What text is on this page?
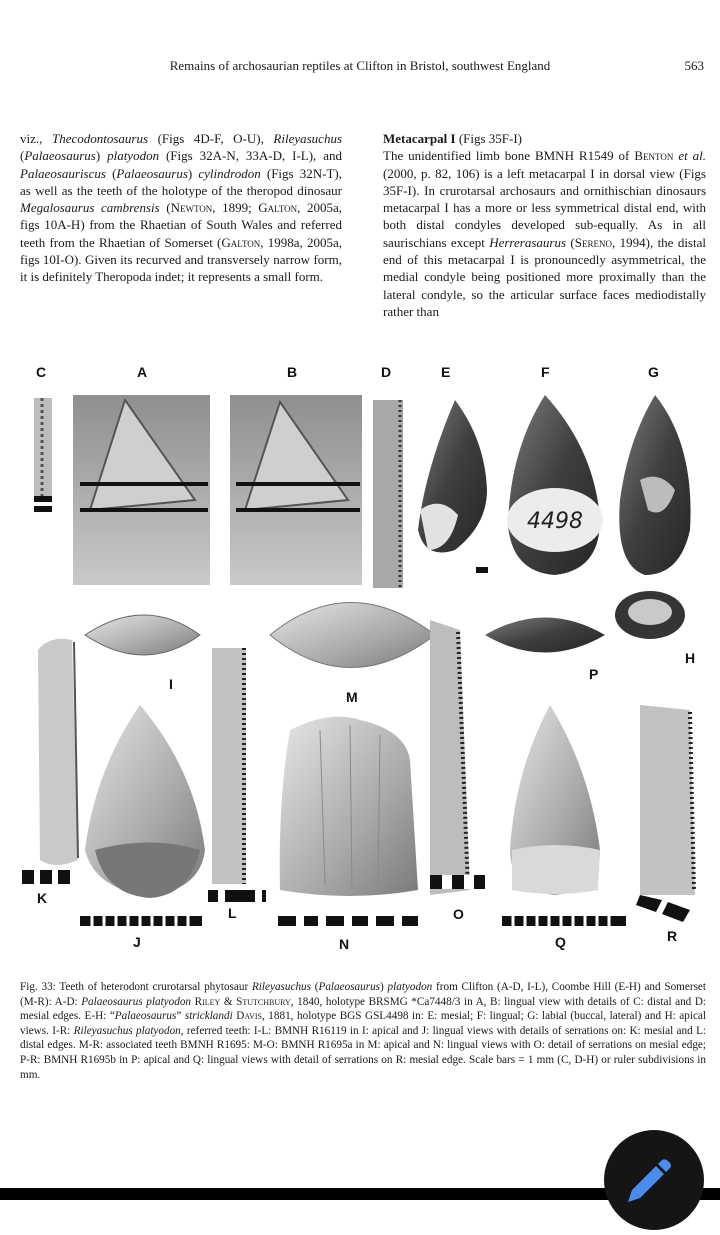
Remains of archosaurian reptiles at Clifton in Bristol, southwest England	563
viz., Thecodontosaurus (Figs 4D-F, O-U), Rileyasuchus (Palaeosaurus) platyodon (Figs 32A-N, 33A-D, I-L), and Palaeosauriscus (Palaeosaurus) cylindrodon (Figs 32N-T), as well as the teeth of the holotype of the theropod dinosaur Megalosaurus cambrensis (Newton, 1899; Galton, 2005a, figs 10A-H) from the Rhaetian of South Wales and referred teeth from the Rhaetian of Somerset (Galton, 1998a, 2005a, figs 10I-O). Given its recurved and transversely narrow form, it is definitely Theropoda indet; it represents a small form.
Metacarpal I (Figs 35F-I)
The unidentified limb bone BMNH R1549 of Benton et al. (2000, p. 82, 106) is a left metacarpal I in dorsal view (Figs 35F-I). In crurotarsal archosaurs and ornithischian dinosaurs metacarpal I has a more or less symmetrical distal end, with both distal condyles developed sub-equally. As in all saurischians except Herrerasaurus (Sereno, 1994), the distal end of this metacarpal I is pronouncedly asymmetrical, the medial condyle being positioned more proximally than the lateral condyle, so the articular surface faces mediodistally rather than
4498
C	A	B	D	E	F	G
H
I
M
P
K
L
J	N
O
Q	R
Fig. 33: Teeth of heterodont crurotarsal phytosaur Rileyasuchus (Palaeosaurus) platyodon from Clifton (A-D, I-L), Coombe Hill (E-H) and Somerset (M-R): A-D: Palaeosaurus platyodon Riley & Stutchbury, 1840, holotype BRSMG *Ca7448/3 in A, B: lingual view with details of C: distal and D: mesial edges. E-H: “Palaeosaurus” stricklandi Davis, 1881, holotype BGS GSL4498 in: E: mesial; F: lingual; G: labial (buccal, lateral) and H: apical views. I-R: Rileyasuchus platyodon, referred teeth: I-L: BMNH R16119 in I: apical and J: lingual views with details of serrations on: K: mesial and L: distal edges. M-R: associated teeth BMNH R1695: M-O: BMNH R1695a in M: apical and N: lingual views with O: detail of serrations on mesial edge; P-R: BMNH R1695b in P: apical and Q: lingual views with detail of serrations on R: mesial edge. Scale bars = 1 mm (C, D-H) or ruler subdivisions in mm.
